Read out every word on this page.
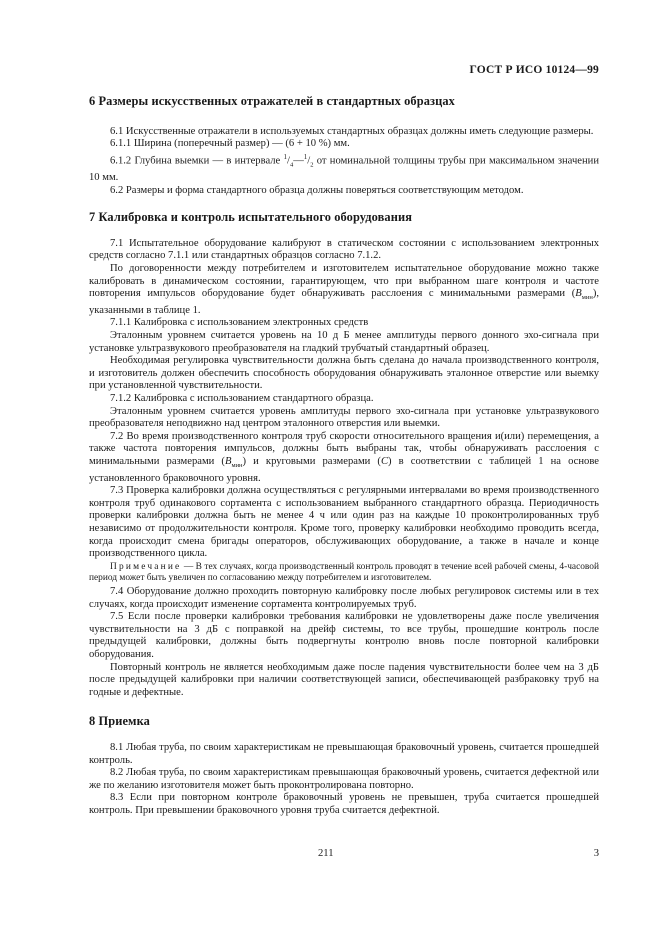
ГОСТ Р ИСО 10124—99
6 Размеры искусственных отражателей в стандартных образцах

6.1 Искусственные отражатели в используемых стандартных образцах должны иметь следующие размеры.

6.1.1 Ширина (поперечный размер) — (6 + 10 %) мм.

6.1.2 Глубина выемки — в интервале $^1/_4—^1/_2$ от номинальной толщины трубы при максимальном значении 10 мм.

6.2 Размеры и форма стандартного образца должны поверяться соответствующим методом.

7 Калибровка и контроль испытательного оборудования

7.1 Испытательное оборудование калибруют в статическом состоянии с использованием электронных средств согласно 7.1.1 или стандартных образцов согласно 7.1.2.

По договоренности между потребителем и изготовителем испытательное оборудование можно также калибровать в динамическом состоянии, гарантирующем, что при выбранном шаге контроля и частоте повторения импульсов оборудование будет обнаруживать расслоения с минимальными размерами $(B_{мин})$, указанными в таблице 1.

7.1.1 Калибровка с использованием электронных средств

Эталонным уровнем считается уровень на 10 д Б менее амплитуды первого донного эхо-сигнала при установке ультразвукового преобразователя на гладкий трубчатый стандартный образец.

Необходимая регулировка чувствительности должна быть сделана до начала производственного контроля, и изготовитель должен обеспечить способность оборудования обнаруживать эталонное отверстие или выемку при установленной чувствительности.

7.1.2 Калибровка с использованием стандартного образца.

Эталонным уровнем считается уровень амплитуды первого эхо-сигнала при установке ультразвукового преобразователя неподвижно над центром эталонного отверстия или выемки.

7.2 Во время производственного контроля труб скорости относительного вращения и(или) перемещения, а также частота повторения импульсов, должны быть выбраны так, чтобы обнаруживать расслоения с минимальными размерами $(B_{мин})$ и круговыми размерами (C) в соответствии с таблицей 1 на основе установленного браковочного уровня.

7.3 Проверка калибровки должна осуществляться с регулярными интервалами во время производственного контроля труб одинакового сортамента с использованием выбранного стандартного образца. Периодичность проверки калибровки должна быть не менее 4 ч или один раз на каждые 10 проконтролированных труб независимо от продолжительности контроля. Кроме того, проверку калибровки необходимо проводить всегда, когда происходит смена бригады операторов, обслуживающих оборудование, а также в начале и конце производственного цикла.

Примечание — В тех случаях, когда производственный контроль проводят в течение всей рабочей смены, 4-часовой период может быть увеличен по согласованию между потребителем и изготовителем.

7.4 Оборудование должно проходить повторную калибровку после любых регулировок системы или в тех случаях, когда происходит изменение сортамента контролируемых труб.

7.5 Если после проверки калибровки требования калибровки не удовлетворены даже после увеличения чувствительности на 3 дБ с поправкой на дрейф системы, то все трубы, прошедшие контроль после предыдущей калибровки, должны быть подвергнуты контролю вновь после повторной калибровки оборудования.

Повторный контроль не является необходимым даже после падения чувствительности более чем на 3 дБ после предыдущей калибровки при наличии соответствующей записи, обеспечивающей разбраковку труб на годные и дефектные.

8 Приемка

8.1 Любая труба, по своим характеристикам не превышающая браковочный уровень, считается прошедшей контроль.

8.2 Любая труба, по своим характеристикам превышающая браковочный уровень, считается дефектной или же по желанию изготовителя может быть проконтролирована повторно.

8.3 Если при повторном контроле браковочный уровень не превышен, труба считается прошедшей контроль. При превышении браковочного уровня труба считается дефектной.

211	3
